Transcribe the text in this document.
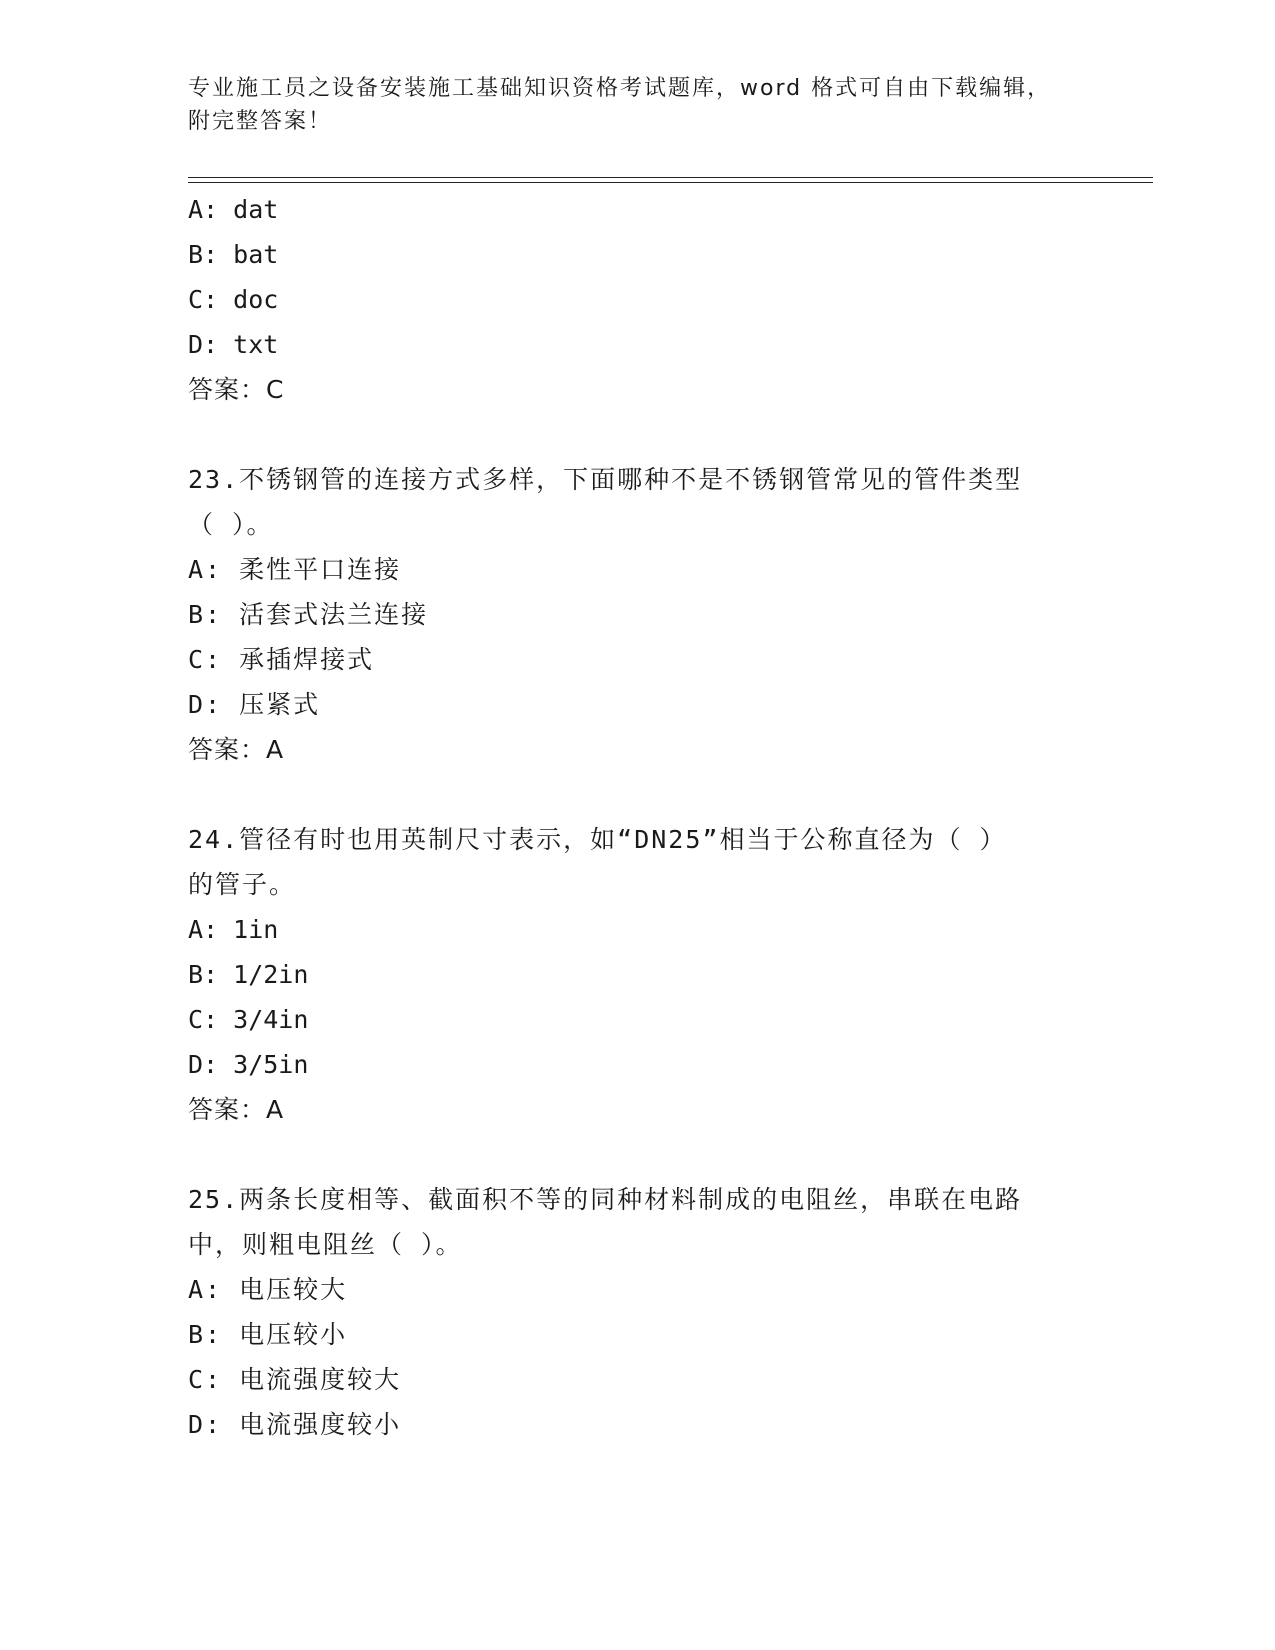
专业施工员之设备安装施工基础知识资格考试题库，word 格式可自由下载编辑，
附完整答案！
A: dat
B: bat
C: doc
D: txt
答案：C
23.不锈钢管的连接方式多样，下面哪种不是不锈钢管常见的管件类型
（ ）。
A: 柔性平口连接
B: 活套式法兰连接
C: 承插焊接式
D: 压紧式
答案：A
24.管径有时也用英制尺寸表示，如“DN25”相当于公称直径为（ ）
的管子。
A: 1in
B: 1/2in
C: 3/4in
D: 3/5in
答案：A
25.两条长度相等、截面积不等的同种材料制成的电阻丝，串联在电路
中，则粗电阻丝（ ）。
A: 电压较大
B: 电压较小
C: 电流强度较大
D: 电流强度较小
